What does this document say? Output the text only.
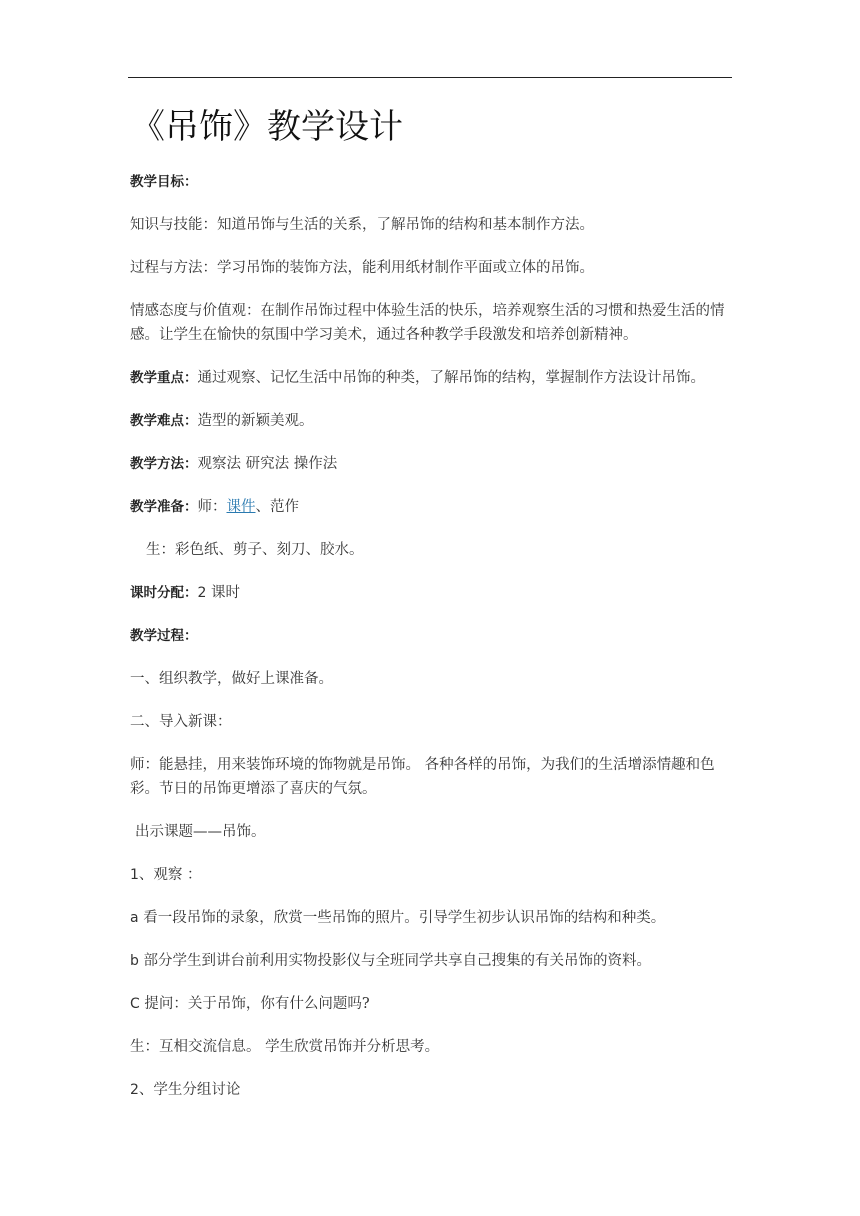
《吊饰》教学设计
教学目标：
知识与技能：知道吊饰与生活的关系，了解吊饰的结构和基本制作方法。
过程与方法：学习吊饰的装饰方法，能利用纸材制作平面或立体的吊饰。
情感态度与价值观：在制作吊饰过程中体验生活的快乐，培养观察生活的习惯和热爱生活的情感。让学生在愉快的氛围中学习美术，通过各种教学手段激发和培养创新精神。
教学重点：通过观察、记忆生活中吊饰的种类，了解吊饰的结构，掌握制作方法设计吊饰。
教学难点：造型的新颖美观。
教学方法：观察法 研究法 操作法
教学准备：师：课件、范作
生：彩色纸、剪子、刻刀、胶水。
课时分配：2 课时
教学过程：
一、组织教学，做好上课准备。
二、导入新课：
师：能悬挂，用来装饰环境的饰物就是吊饰。 各种各样的吊饰，为我们的生活增添情趣和色彩。节日的吊饰更增添了喜庆的气氛。
出示课题——吊饰。
1、观察 ：
a 看一段吊饰的录象，欣赏一些吊饰的照片。引导学生初步认识吊饰的结构和种类。
b 部分学生到讲台前利用实物投影仪与全班同学共享自己搜集的有关吊饰的资料。
C 提问：关于吊饰，你有什么问题吗?
生：互相交流信息。 学生欣赏吊饰并分析思考。
2、学生分组讨论
